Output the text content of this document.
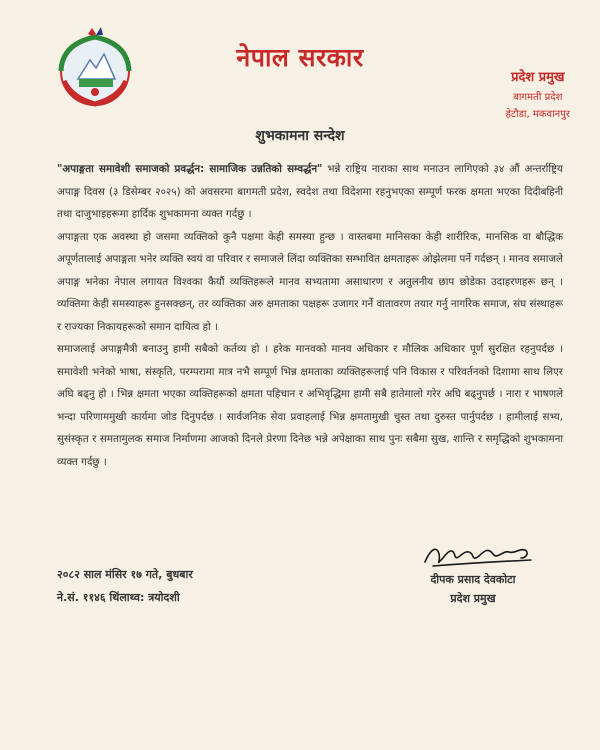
नेपाल सरकार
प्रदेश प्रमुख
बागमती प्रदेश
हेटौडा, मकवानपुर
शुभकामना सन्देश

"अपाङ्गता समावेशी समाजको प्रवर्द्धन: सामाजिक उन्नतिको सम्वर्द्धन" भन्ने राष्ट्रिय नाराका साथ मनाउन लागिएको ३४ औं अन्तर्राष्ट्रिय अपाङ्ग दिवस (३ डिसेम्बर २०२५) को अवसरमा बागमती प्रदेश, स्वदेश तथा विदेशमा रहनुभएका सम्पूर्ण फरक क्षमता भएका दिदीबहिनी तथा दाजुभाइहरूमा हार्दिक शुभकामना व्यक्त गर्दछु ।

अपाङ्गता एक अवस्था हो जसमा व्यक्तिको कुनै पक्षमा केही समस्या हुन्छ । वास्तबमा मानिसका केही शारीरिक, मानसिक वा बौद्धिक अपूर्णतालाई अपाङ्गता भनेर व्यक्ति स्वयं वा परिवार र समाजले लिंदा व्यक्तिका सम्भावित क्षमताहरू ओझेलमा पर्ने गर्दछन् । मानव समाजले अपाङ्ग भनेका नेपाल लगायत विश्वका कैयौं व्यक्तिहरूले मानव सभ्यतामा असाधारण र अतुलनीय छाप छोडेका उदाहरणहरू छन् । व्यक्तिमा केही समस्याहरू हुनसक्छन्, तर व्यक्तिका अरु क्षमताका पक्षहरू उजागर गर्ने वातावरण तयार गर्नु नागरिक समाज, संघ संस्थाहरू र राज्यका निकायहरूको समान दायित्व हो ।

समाजलाई अपाङ्गमैत्री बनाउनु हामी सबैको कर्तव्य हो । हरेक मानवको मानव अधिकार र मौलिक अधिकार पूर्ण सुरक्षित रहनुपर्दछ । समावेशी भनेको भाषा, संस्कृति, परम्परामा मात्र नभै सम्पूर्ण भिन्न क्षमताका व्यक्तिहरूलाई पनि विकास र परिवर्तनको दिशामा साथ लिएर अघि बढ्नु हो । भिन्न क्षमता भएका व्यक्तिहरूको क्षमता पहिचान र अभिवृद्धिमा हामी सबै हातेमालो गरेर अघि बढ्नुपर्छ । नारा र भाषणले भन्दा परिणाममुखी कार्यमा जोड दिनुपर्दछ । सार्वजनिक सेवा प्रवाहलाई भिन्न क्षमतामुखी चुस्त तथा दुरुस्त पार्नुपर्दछ । हामीलाई सभ्य, सुसंस्कृत र समतामुलक समाज निर्माणमा आजको दिनले प्रेरणा दिनेछ भन्ने अपेक्षाका साथ पुनः सबैमा सुख, शान्ति र समृद्धिको शुभकामना व्यक्त गर्दछु ।

२०८२ साल मंसिर १७ गते, बुधबार
ने.सं. ११४६ थिंलाथ्व: त्रयोदशी
दीपक प्रसाद देवकोटा
प्रदेश प्रमुख
